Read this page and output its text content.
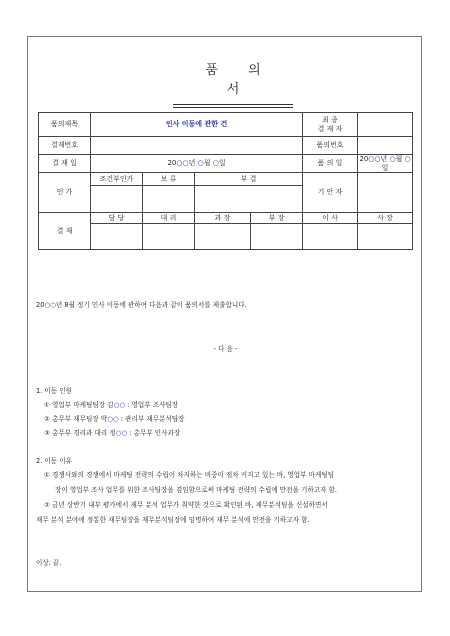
품 의 서
품의제목	인사 이동에 관한 건				최 종
결 재 자	
결재번호					품의번호	
결 재 일	20○○년 ○월 ○일				품 의 일	20○○년 ○월 ○일
인 가	조건부인가	보 류	부 결		기 안 자	

결 재	담 당	대 리	과 장	부 장	이 사	사 장

20○○년 8월 정기 인사 이동에 관하여 다음과 같이 품의서를 제출합니다.
- 다 음 -
1. 이동 인원
① 영업부 마케팅팀장 김○○ : 영업부 조사팀장
② 총무부 재무팀장 박○○ : 관리부 재무분석팀장
③ 총무부 경리과 대리 정○○ : 총무부 인사과장
2. 이동 이유
① 경쟁사와의 경쟁에서 마케팅 전략의 수립이 차지하는 비중이 점차 커지고 있는 바, 영업부 마케팅팀
장이 영업부 조사 업무를 위한 조사팀장을 겸임함으로써 마케팅 전략의 수립에 만전을 기하고자 함.
② 금년 상반기 내부 평가에서 재무 분석 업무가 취약한 것으로 확인된 바, 재무분석팀을 신설하면서
재무 분석 분야에 정통한 재무팀장을 재무분석팀장에 임명하여 재무 분석에 만전을 기하고자 함.
이상. 끝.
